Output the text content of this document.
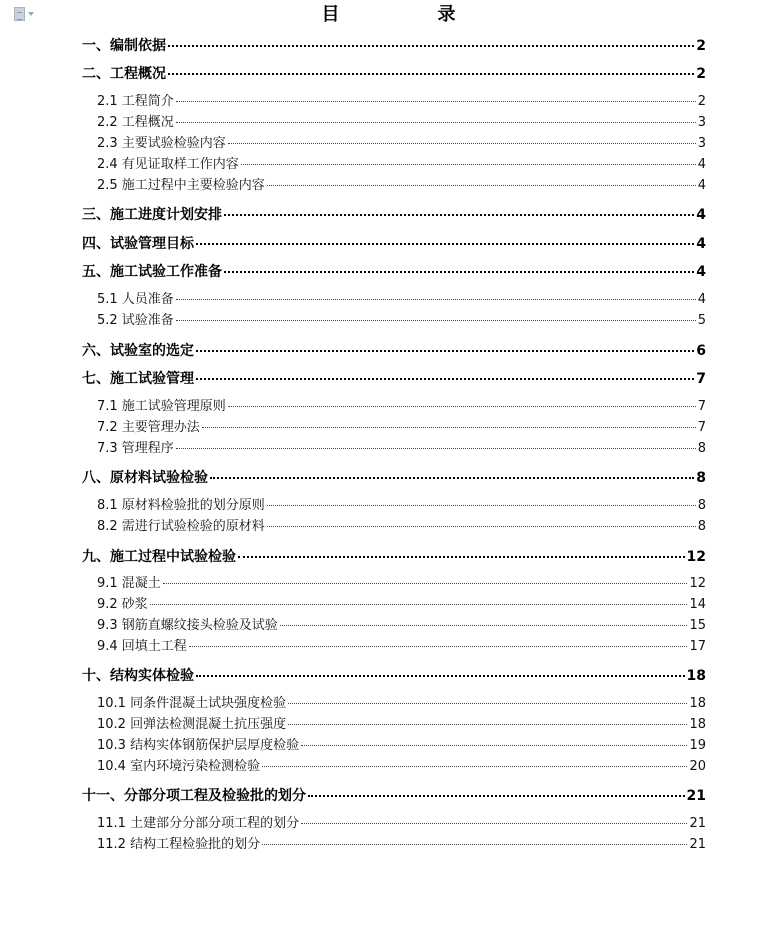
目　录
一、编制依据	2
二、工程概况	2
2.1 工程简介	2
2.2 工程概况	3
2.3 主要试验检验内容	3
2.4 有见证取样工作内容	4
2.5 施工过程中主要检验内容	4
三、施工进度计划安排	4
四、试验管理目标	4
五、施工试验工作准备	4
5.1 人员准备	4
5.2 试验准备	5
六、试验室的选定	6
七、施工试验管理	7
7.1 施工试验管理原则	7
7.2 主要管理办法	7
7.3 管理程序	8
八、原材料试验检验	8
8.1 原材料检验批的划分原则	8
8.2 需进行试验检验的原材料	8
九、施工过程中试验检验	12
9.1 混凝土	12
9.2 砂浆	14
9.3 钢筋直螺纹接头检验及试验	15
9.4 回填土工程	17
十、结构实体检验	18
10.1 同条件混凝土试块强度检验	18
10.2 回弹法检测混凝土抗压强度	18
10.3 结构实体钢筋保护层厚度检验	19
10.4 室内环境污染检测检验	20
十一、分部分项工程及检验批的划分	21
11.1 土建部分分部分项工程的划分	21
11.2 结构工程检验批的划分	21
